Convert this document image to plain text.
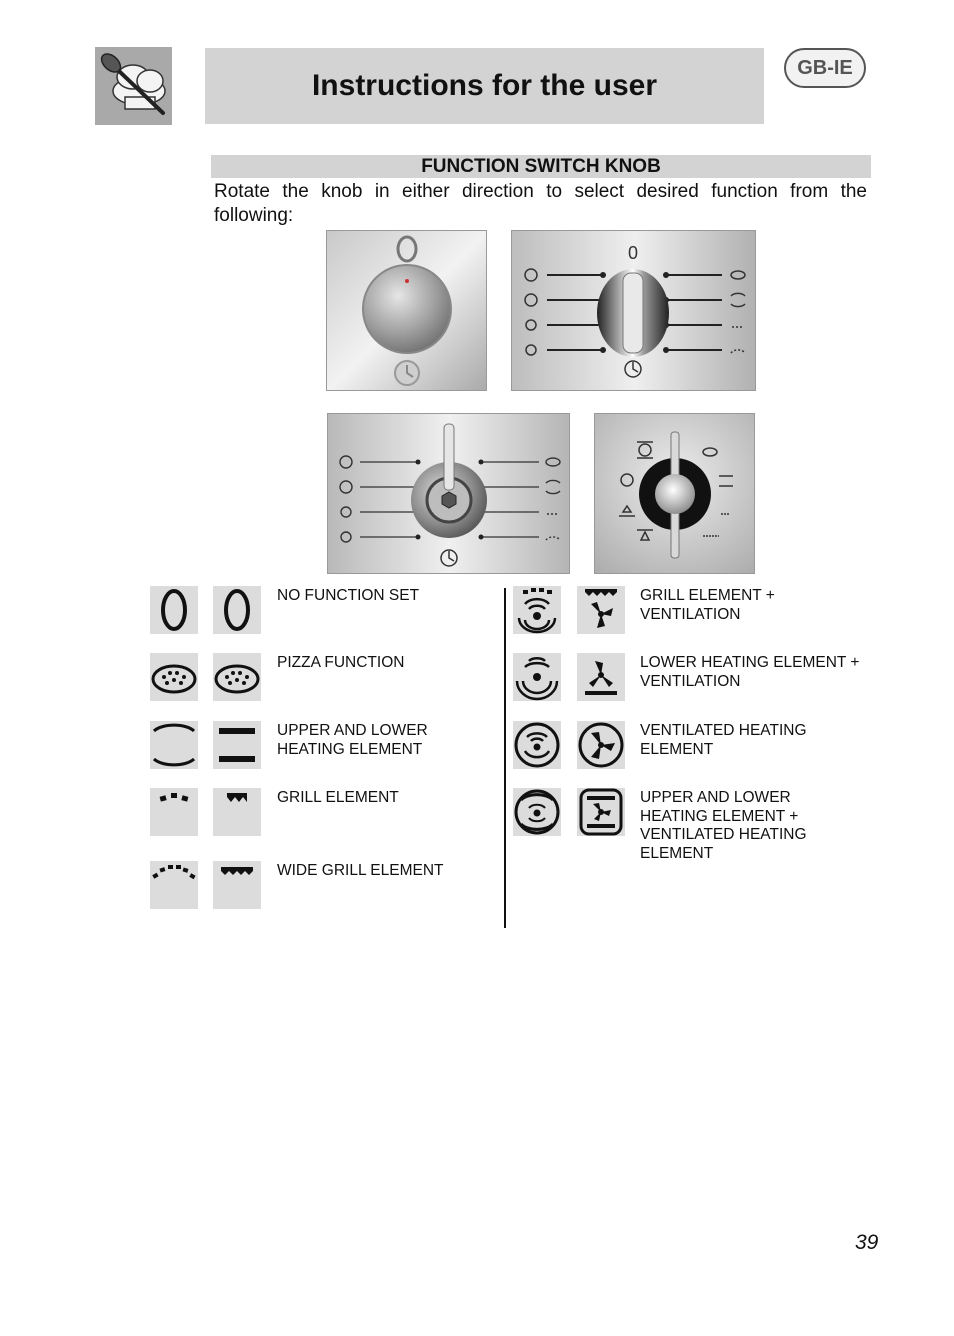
Instructions for the user
GB-IE
FUNCTION SWITCH KNOB
Rotate the knob in either direction to select desired function from the following:
0
NO FUNCTION SET
PIZZA FUNCTION
UPPER AND LOWER HEATING ELEMENT
GRILL ELEMENT
WIDE GRILL ELEMENT
GRILL ELEMENT + VENTILATION
LOWER HEATING ELEMENT + VENTILATION
VENTILATED HEATING ELEMENT
UPPER AND LOWER HEATING ELEMENT + VENTILATED HEATING ELEMENT
39
